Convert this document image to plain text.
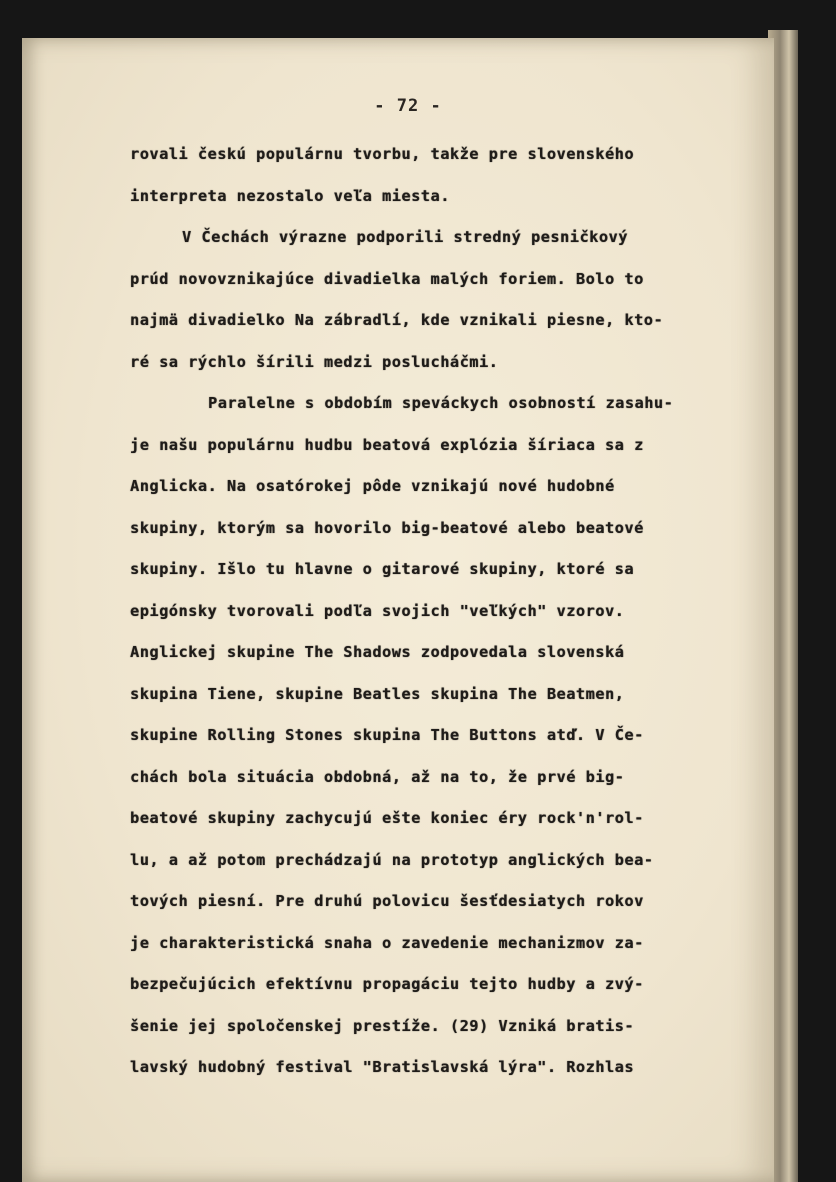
- 72 -
rovali českú populárnu tvorbu, takže pre slovenského
interpreta nezostalo veľa miesta.
V Čechách výrazne podporili stredný pesničkový
prúd novovznikajúce divadielka malých foriem. Bolo to
najmä divadielko Na zábradlí, kde vznikali piesne, kto-
ré sa rýchlo šírili medzi poslucháčmi.
Paralelne s obdobím speváckych osobností zasahu-
je našu populárnu hudbu beatová explózia šíriaca sa z
Anglicka. Na osatórokej pôde vznikajú nové hudobné
skupiny, ktorým sa hovorilo big-beatové alebo beatové
skupiny. Išlo tu hlavne o gitarové skupiny, ktoré sa
epigónsky tvorovali podľa svojich "veľkých" vzorov.
Anglickej skupine The Shadows zodpovedala slovenská
skupina Tiene, skupine Beatles skupina The Beatmen,
skupine Rolling Stones skupina The Buttons atď. V Če-
chách bola situácia obdobná, až na to, že prvé big-
beatové skupiny zachycujú ešte koniec éry rock'n'rol-
lu, a až potom prechádzajú na prototyp anglických bea-
tových piesní. Pre druhú polovicu šesťdesiatych rokov
je charakteristická snaha o zavedenie mechanizmov za-
bezpečujúcich efektívnu propagáciu tejto hudby a zvý-
šenie jej spoločenskej prestíže. (29) Vzniká bratis-
lavský hudobný festival "Bratislavská lýra". Rozhlas
